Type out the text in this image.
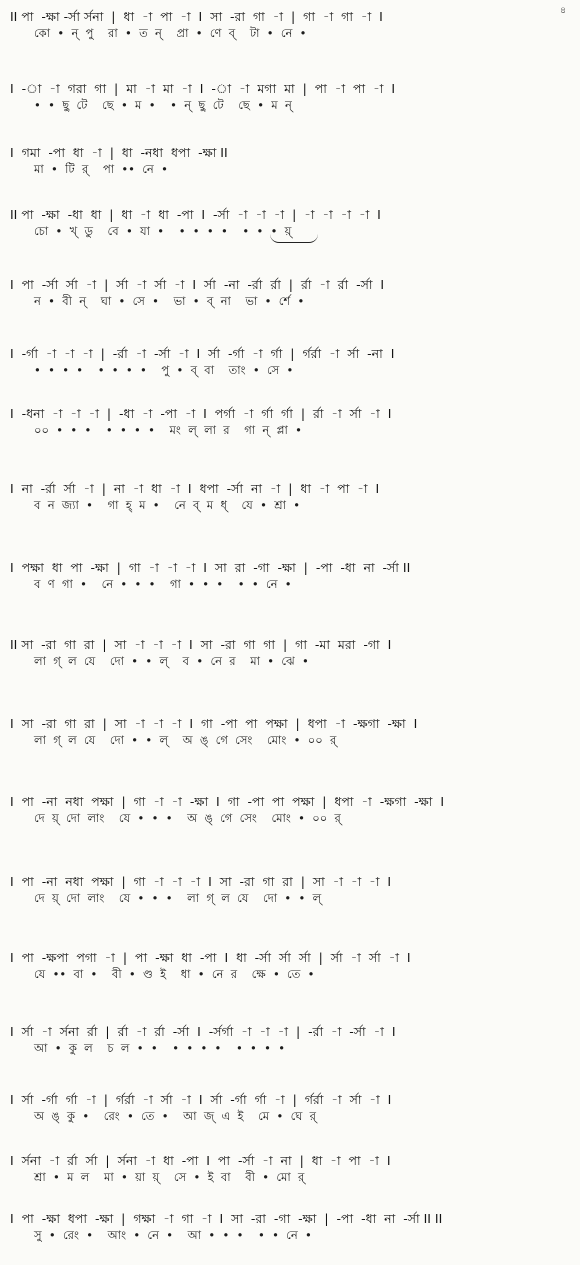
৪
II পা  -ক্ষা -র্সা র্সনা  |  ধা  -া  পা  -া  I  সা  -রা  গা  -া  |  গা  -া  গা  -া  I
কো  •  ন্  পু    রা  •  ত  ন্    প্রা  •  ণে  ব্    টা  •  নে  •
I  -া  -া  গরা  গা  |  মা  -া  মা  -া  I  -া  -া  মগা  মা  |  পা  -া  পা  -া  I
•  •  ছু  টে    ছে  •  ম  •    •  ন্  ছু  টে    ছে  •  ম  ন্
I  গমা  -পা  ধা  -া  |  ধা  -নধা  ধপা  -ক্ষা II
মা  •  টি  র্    পা  ••  নে  •
II পা  -ক্ষা  -ধা  ধা  |  ধা  -া  ধা  -পা  I  -র্সা  -া  -া  -া  |  -া  -া  -া  -া  I
চো  •  খ্  ডু    বে  •  যা  •    •  •  •  •    •  •  •  য়্
I  পা  -র্সা  র্সা  -া  |  র্সা  -া  র্সা  -া  I  র্সা  -না  -র্রা  র্রা  |  র্রা  -া  র্রা  -র্সা  I
ন  •  বী  ন্    ঘা  •  সে  •    ভা  •  ব্  না    ভা  •  র্শে  •
I  -র্গা  -া  -া  -া  |  -র্রা  -া  -র্সা  -া  I  র্সা  -র্গা  -া  র্গা  |  র্গর্রা  -া  র্সা  -না  I
•  •  •  •    •  •  •  •    পু  •  ব্  বা    তাং  •  সে  •
I  -ধনা  -া  -া  -া  |  -ধা  -া  -পা  -া  I  পর্গা  -া  র্গা  র্গা  |  র্রা  -া  র্সা  -া  I
০০  •  •  •    •  •  •  •    মং  ল্  লা  র    গা  ন্  প্লা  •
I  না  -র্রা  র্সা  -া  |  না  -া  ধা  -া  I  ধপা  -র্সা  না  -া  |  ধা  -া  পা  -া  I
ব  ন  জ্যা  •    গা  হ্  ম  •    নে  ব্  ম  ধ্    যে  •  শ্রা  •
I  পক্ষা  ধা  পা  -ক্ষা  |  গা  -া  -া  -া  I  সা  রা  -গা  -ক্ষা  |  -পা  -ধা  না  -র্সা II
ব  ণ  গা  •    নে  •  •  •    গা  •  •  •    •  •  নে  •
II সা  -রা  গা  রা  |  সা  -া  -া  -া  I  সা  -রা  গা  গা  |  গা  -মা  মরা  -গা  I
লা  গ্  ল  যে    দো  •  •  ল্    ব  •  নে  র    মা  •  ঝে  •
I  সা  -রা  গা  রা  |  সা  -া  -া  -া  I  গা  -পা  পা  পক্ষা  |  ধপা  -া  -ক্ষগা  -ক্ষা  I
লা  গ্  ল  যে    দো  •  •  ল্    অ  ঙ্  গে  সেং    মোং  •  ০০  র্
I  পা  -না  নধা  পক্ষা  |  গা  -া  -া  -ক্ষা  I  গা  -পা  পা  পক্ষা  |  ধপা  -া  -ক্ষগা  -ক্ষা  I
দে  য়্  দো  লাং    যে  •  •  •    অ  ঙ্  গে  সেং    মোং  •  ০০  র্
I  পা  -না  নধা  পক্ষা  |  গা  -া  -া  -া  I  সা  -রা  গা  রা  |  সা  -া  -া  -া  I
দে  য়্  দো  লাং    যে  •  •  •    লা  গ্  ল  যে    দো  •  •  ল্
I  পা  -ক্ষপা  পগা  -া  |  পা  -ক্ষা  ধা  -পা  I  ধা  -র্সা  র্সা  র্সা  |  র্সা  -া  র্সা  -া  I
যে  ••  বা  •    বী  •  ণ্ড  ই    ধা  •  নে  র    ক্ষে  •  তে  •
I  র্সা  -া  র্সনা  র্রা  |  র্রা  -া  র্রা  -র্সা  I  -র্সর্গা  -া  -া  -া  |  -র্রা  -া  -র্সা  -া  I
আ  •  কু  ল    চ  ল  •  •    •  •  •  •    •  •  •  •
I  র্সা  -র্গা  র্গা  -া  |  র্গর্রা  -া  র্সা  -া  I  র্সা  -র্গা  র্গা  -া  |  র্গর্রা  -া  র্সা  -া  I
অ  ঙ্  কু  •    রেং  •  তে  •    আ  জ্  এ  ই    মে  •  ঘে  র্
I  র্সনা  -া  র্রা  র্সা  |  র্সনা  -া  ধা  -পা  I  পা  -র্সা  -া  না  |  ধা  -া  পা  -া  I
শ্রা  •  ম  ল    মা  •  য়া  য়্    সে  •  ই  বা    বী  •  মো  র্
I  পা  -ক্ষা  ধপা  -ক্ষা  |  গক্ষা  -া  গা  -া  I  সা  -রা  -গা  -ক্ষা  |  -পা  -ধা  না  -র্সা II II
সু  •  রেং  •    আং  •  নে  •    আ  •  •  •    •  •  নে  •
